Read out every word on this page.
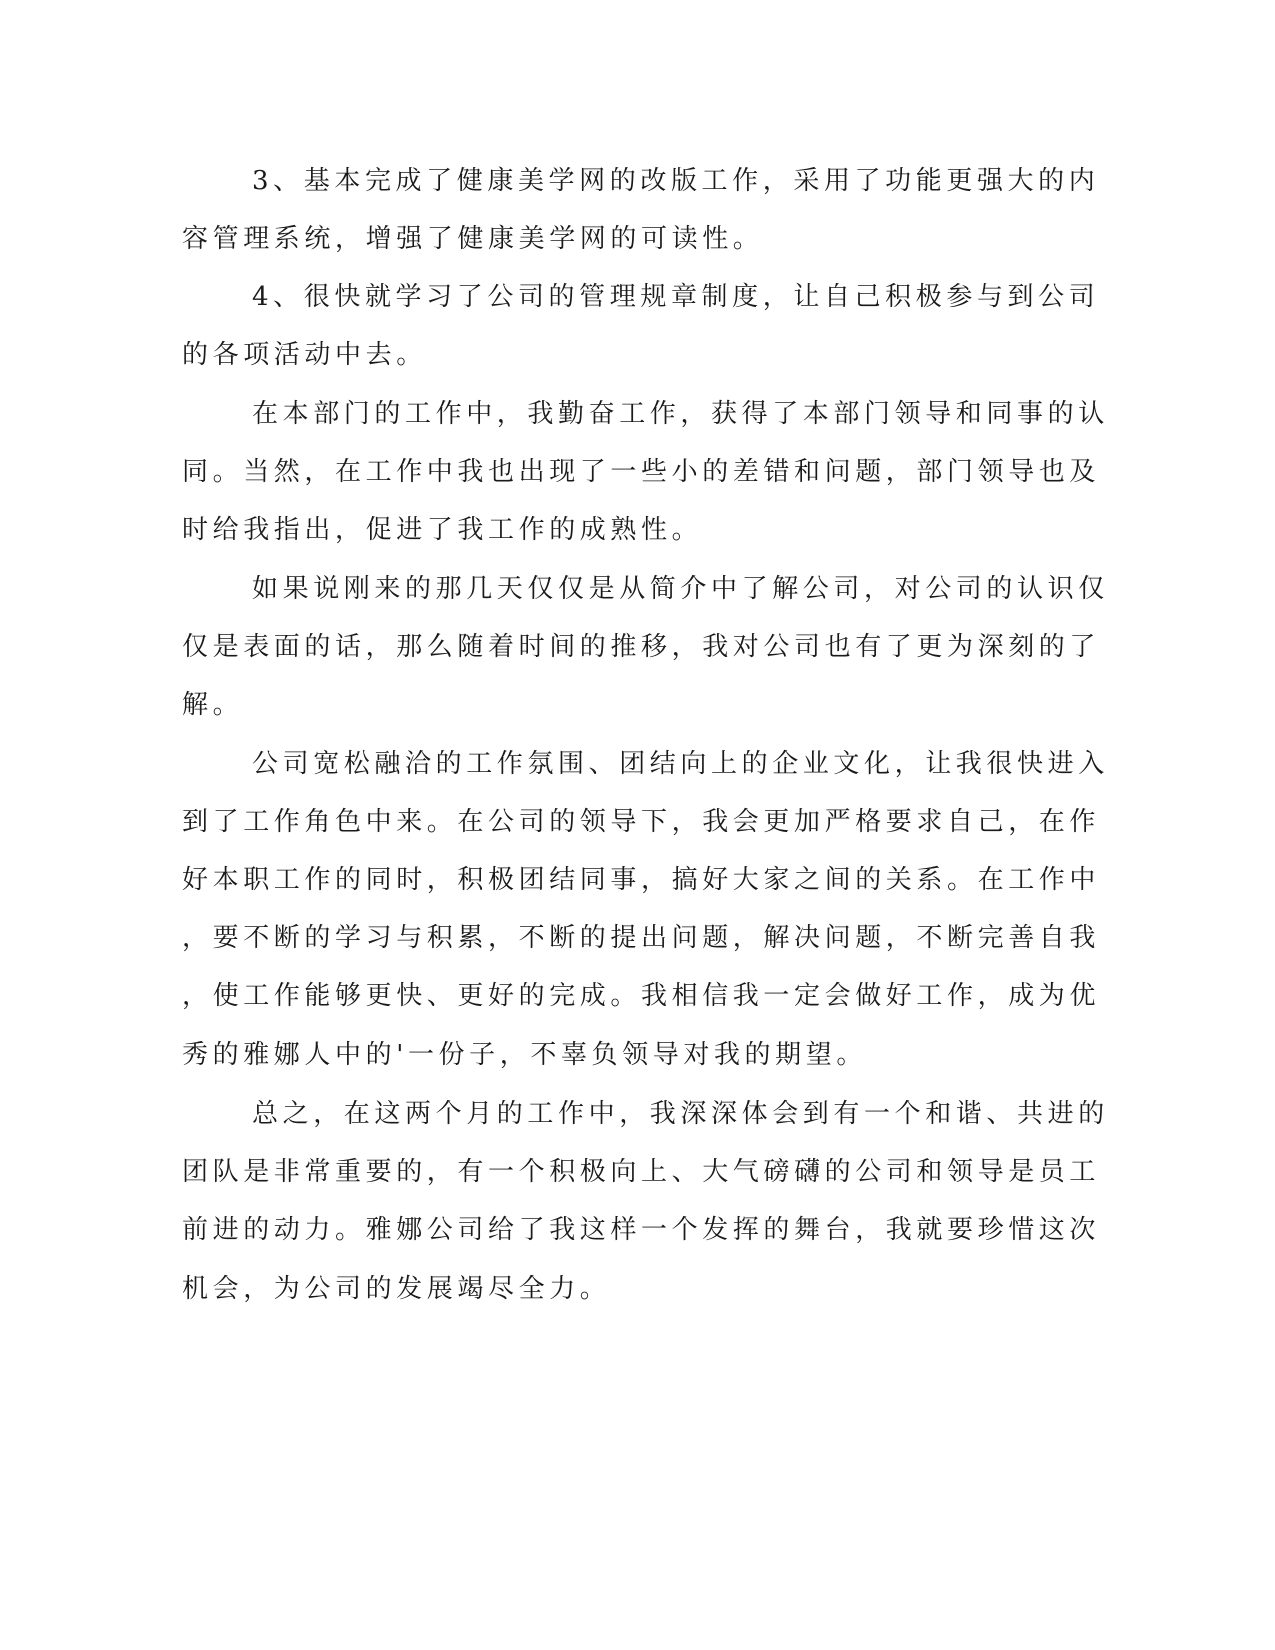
3、基本完成了健康美学网的改版工作，采用了功能更强大的内
容管理系统，增强了健康美学网的可读性。
4、很快就学习了公司的管理规章制度，让自己积极参与到公司
的各项活动中去。
在本部门的工作中，我勤奋工作，获得了本部门领导和同事的认
同。当然，在工作中我也出现了一些小的差错和问题，部门领导也及
时给我指出，促进了我工作的成熟性。
如果说刚来的那几天仅仅是从简介中了解公司，对公司的认识仅
仅是表面的话，那么随着时间的推移，我对公司也有了更为深刻的了
解。
公司宽松融洽的工作氛围、团结向上的企业文化，让我很快进入
到了工作角色中来。在公司的领导下，我会更加严格要求自己，在作
好本职工作的同时，积极团结同事，搞好大家之间的关系。在工作中
，要不断的学习与积累，不断的提出问题，解决问题，不断完善自我
，使工作能够更快、更好的完成。我相信我一定会做好工作，成为优
秀的雅娜人中的'一份子，不辜负领导对我的期望。
总之，在这两个月的工作中，我深深体会到有一个和谐、共进的
团队是非常重要的，有一个积极向上、大气磅礴的公司和领导是员工
前进的动力。雅娜公司给了我这样一个发挥的舞台，我就要珍惜这次
机会，为公司的发展竭尽全力。
